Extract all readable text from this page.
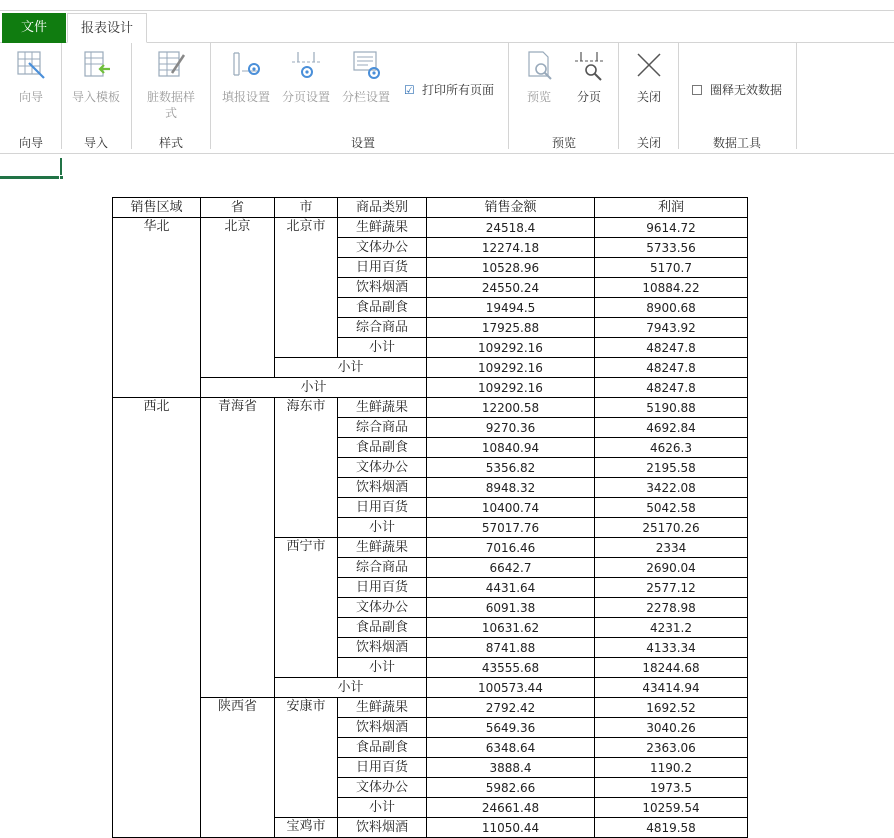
文件	报表设计
向导
向导
导入模板
导入
脏数据样
式
样式
填报设置 分页设置 分栏设置	☑ 打印所有页面
设置
预览	分页
预览
关闭
关闭
圈释无效数据
数据工具
销售区域	省	市	商品类别	销售金额	利润
华北	北京	北京市	生鲜蔬果	24518.4	9614.72
			文体办公	12274.18	5733.56
			日用百货	10528.96	5170.7
			饮料烟酒	24550.24	10884.22
			食品副食	19494.5	8900.68
			综合商品	17925.88	7943.92
			小计	109292.16	48247.8
		小计		109292.16	48247.8
	小计			109292.16	48247.8
西北	青海省	海东市	生鲜蔬果	12200.58	5190.88
			综合商品	9270.36	4692.84
			食品副食	10840.94	4626.3
			文体办公	5356.82	2195.58
			饮料烟酒	8948.32	3422.08
			日用百货	10400.74	5042.58
			小计	57017.76	25170.26
		西宁市	生鲜蔬果	7016.46	2334
			综合商品	6642.7	2690.04
			日用百货	4431.64	2577.12
			文体办公	6091.38	2278.98
			食品副食	10631.62	4231.2
			饮料烟酒	8741.88	4133.34
			小计	43555.68	18244.68
		小计		100573.44	43414.94
	陕西省	安康市	生鲜蔬果	2792.42	1692.52
			饮料烟酒	5649.36	3040.26
			食品副食	6348.64	2363.06
			日用百货	3888.4	1190.2
			文体办公	5982.66	1973.5
			小计	24661.48	10259.54
		宝鸡市	饮料烟酒	11050.44	4819.58
